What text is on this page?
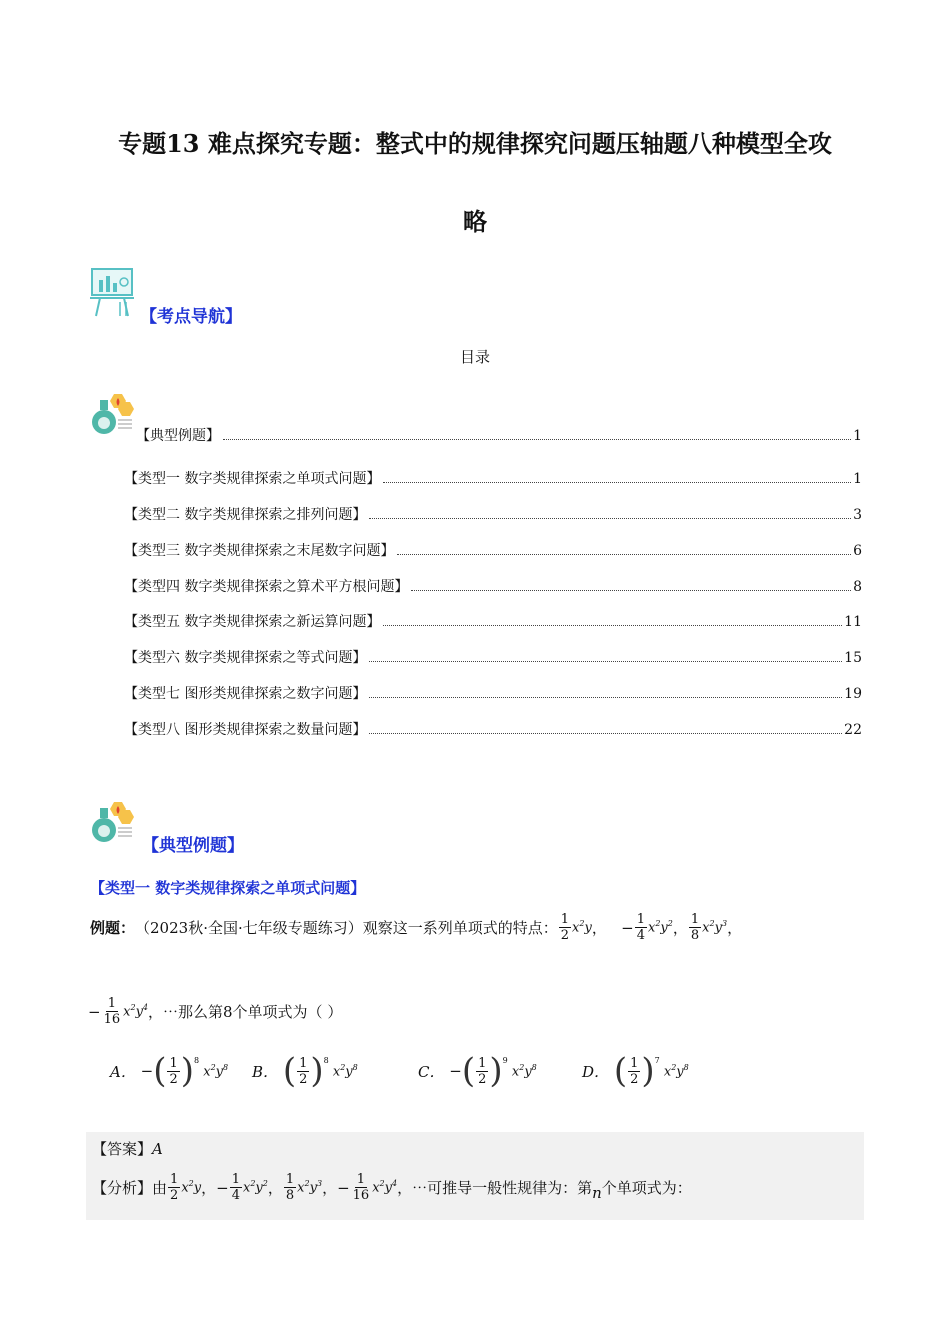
专题13 难点探究专题：整式中的规律探究问题压轴题八种模型全攻
略
【考点导航】
目录
【典型例题】	1
【类型一 数字类规律探索之单项式问题】	1
【类型二 数字类规律探索之排列问题】	3
【类型三 数字类规律探索之末尾数字问题】	6
【类型四 数字类规律探索之算术平方根问题】	8
【类型五 数字类规律探索之新运算问题】	11
【类型六 数字类规律探索之等式问题】	15
【类型七 图形类规律探索之数字问题】	19
【类型八 图形类规律探索之数量问题】	22
【典型例题】
【类型一 数字类规律探索之单项式问题】
例题： （2023秋·全国·七年级专题练习）观察这一系列单项式的特点： $\frac{1}{2} x^2y$ ， − $\frac{1}{4} x^2y^2$ ， $\frac{1}{8} x^2y^3$ ，
− $\frac{1}{16} x^2y^4$ ，⋯那么第8个单项式为（ ）
A．
− ( $\frac{1}{2} )^8$
$x^2y^8$ B．
( $\frac{1}{2} )^8$
$x^2y^8$	C．
− ( $\frac{1}{2} )^9$
$x^2y^8$	D．
( $\frac{1}{2} )^7$
$x^2y^8$
【答案】A
【分析】 由 $\frac{1}{2} x^2y$ ， − $\frac{1}{4} x^2y^2$ ， $\frac{1}{8} x^2y^3$ ， − $\frac{1}{16} x^2y^4$ ，⋯可推导一般性规律为：第 n 个单项式为：
